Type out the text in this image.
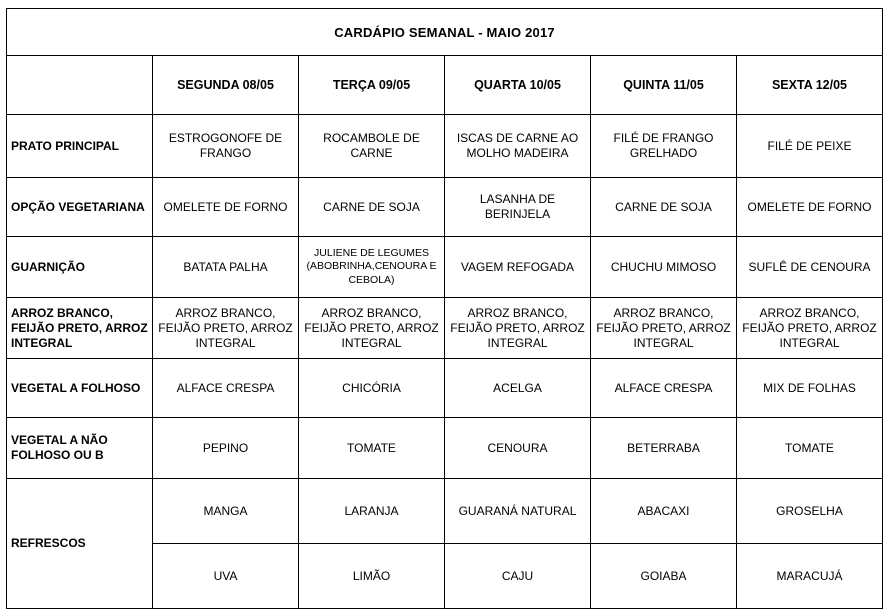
CARDÁPIO SEMANAL - MAIO 2017					
	SEGUNDA 08/05	TERÇA 09/05	QUARTA 10/05	QUINTA 11/05	SEXTA 12/05
PRATO PRINCIPAL	ESTROGONOFE DE FRANGO	ROCAMBOLE DE CARNE	ISCAS DE CARNE AO MOLHO MADEIRA	FILÉ DE FRANGO GRELHADO	FILÉ DE PEIXE
OPÇÃO VEGETARIANA	OMELETE DE FORNO	CARNE DE SOJA	LASANHA DE BERINJELA	CARNE DE SOJA	OMELETE DE FORNO
GUARNIÇÃO	BATATA PALHA	JULIENE DE LEGUMES (ABOBRINHA,CENOURA E CEBOLA)	VAGEM REFOGADA	CHUCHU MIMOSO	SUFLÊ DE CENOURA
ARROZ BRANCO, FEIJÃO PRETO, ARROZ INTEGRAL	ARROZ BRANCO, FEIJÃO PRETO, ARROZ INTEGRAL	ARROZ BRANCO, FEIJÃO PRETO, ARROZ INTEGRAL	ARROZ BRANCO, FEIJÃO PRETO, ARROZ INTEGRAL	ARROZ BRANCO, FEIJÃO PRETO, ARROZ INTEGRAL	ARROZ BRANCO, FEIJÃO PRETO, ARROZ INTEGRAL
VEGETAL A FOLHOSO	ALFACE CRESPA	CHICÓRIA	ACELGA	ALFACE CRESPA	MIX DE FOLHAS
VEGETAL A NÃO FOLHOSO OU B	PEPINO	TOMATE	CENOURA	BETERRABA	TOMATE
REFRESCOS	MANGA	LARANJA	GUARANÁ NATURAL	ABACAXI	GROSELHA
	UVA	LIMÃO	CAJU	GOIABA	MARACUJÁ
